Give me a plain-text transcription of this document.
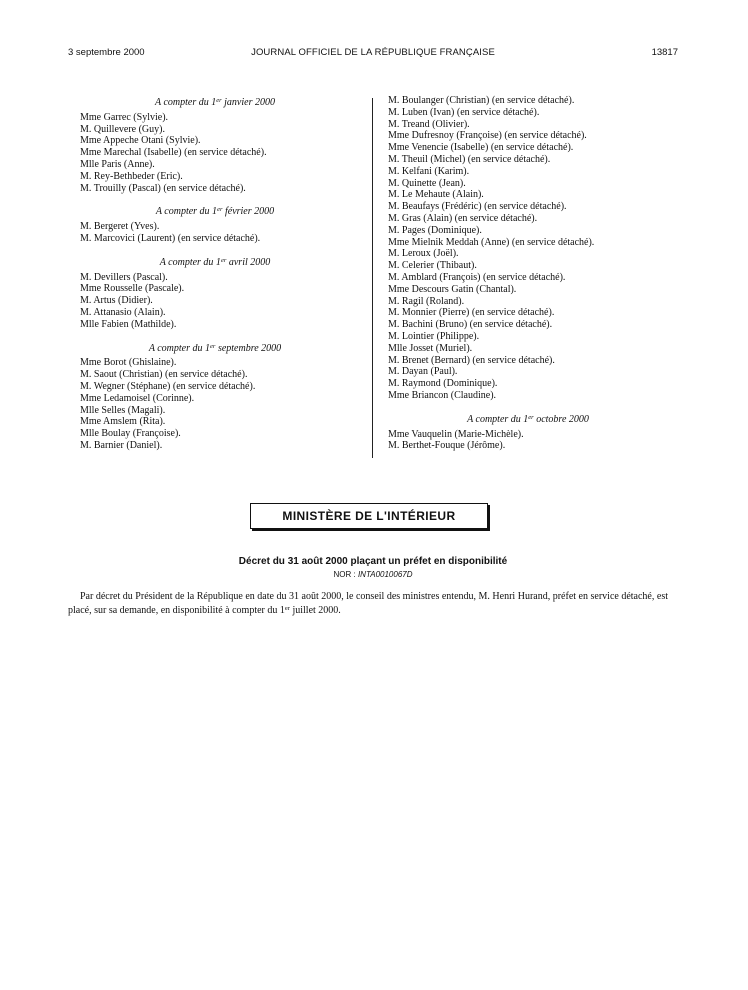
3 septembre 2000	JOURNAL OFFICIEL DE LA RÉPUBLIQUE FRANÇAISE	13817
A compter du 1er janvier 2000
Mme Garrec (Sylvie).
M. Quillevere (Guy).
Mme Appeche Otani (Sylvie).
Mme Marechal (Isabelle) (en service détaché).
Mlle Paris (Anne).
M. Rey-Bethbeder (Eric).
M. Trouilly (Pascal) (en service détaché).
A compter du 1er février 2000
M. Bergeret (Yves).
M. Marcovici (Laurent) (en service détaché).
A compter du 1er avril 2000
M. Devillers (Pascal).
Mme Rousselle (Pascale).
M. Artus (Didier).
M. Attanasio (Alain).
Mlle Fabien (Mathilde).
A compter du 1er septembre 2000
Mme Borot (Ghislaine).
M. Saout (Christian) (en service détaché).
M. Wegner (Stéphane) (en service détaché).
Mme Ledamoisel (Corinne).
Mlle Selles (Magali).
Mme Amslem (Rita).
Mlle Boulay (Françoise).
M. Barnier (Daniel).
M. Boulanger (Christian) (en service détaché).
M. Luben (Ivan) (en service détaché).
M. Treand (Olivier).
Mme Dufresnoy (Françoise) (en service détaché).
Mme Venencie (Isabelle) (en service détaché).
M. Theuil (Michel) (en service détaché).
M. Kelfani (Karim).
M. Quinette (Jean).
M. Le Mehaute (Alain).
M. Beaufays (Frédéric) (en service détaché).
M. Gras (Alain) (en service détaché).
M. Pages (Dominique).
Mme Mielnik Meddah (Anne) (en service détaché).
M. Leroux (Joël).
M. Celerier (Thibaut).
M. Amblard (François) (en service détaché).
Mme Descours Gatin (Chantal).
M. Ragil (Roland).
M. Monnier (Pierre) (en service détaché).
M. Bachini (Bruno) (en service détaché).
M. Lointier (Philippe).
Mlle Josset (Muriel).
M. Brenet (Bernard) (en service détaché).
M. Dayan (Paul).
M. Raymond (Dominique).
Mme Briancon (Claudine).
A compter du 1er octobre 2000
Mme Vauquelin (Marie-Michèle).
M. Berthet-Fouque (Jérôme).
MINISTÈRE DE L'INTÉRIEUR
Décret du 31 août 2000 plaçant un préfet en disponibilité
NOR : INTA0010067D
Par décret du Président de la République en date du 31 août 2000, le conseil des ministres entendu, M. Henri Hurand, préfet en service détaché, est placé, sur sa demande, en disponibilité à compter du 1er juillet 2000.
